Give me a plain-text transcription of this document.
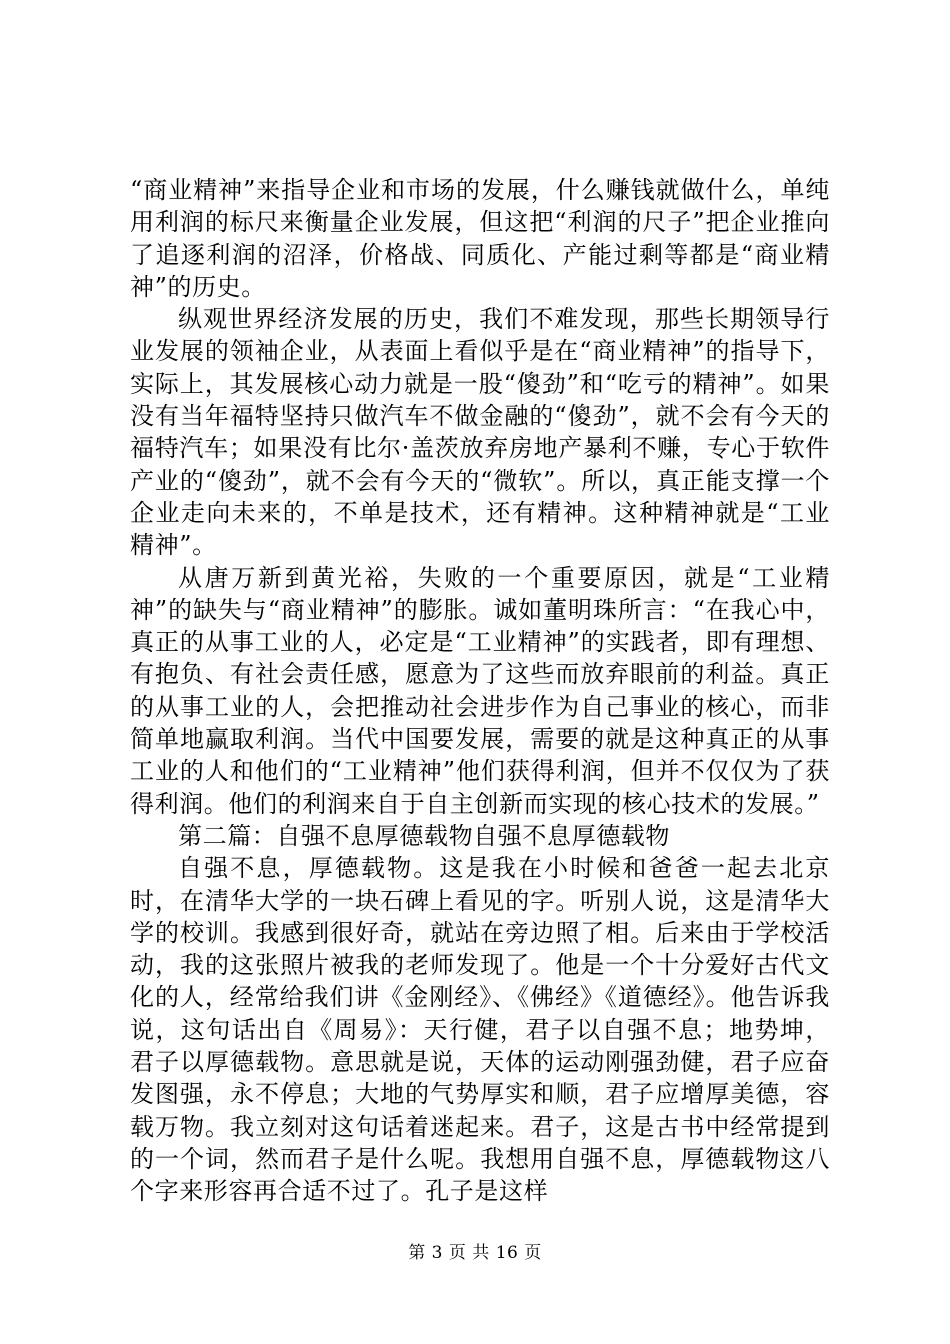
“商业精神”来指导企业和市场的发展，什么赚钱就做什么，单纯用利润的标尺来衡量企业发展，但这把“利润的尺子”把企业推向了追逐利润的沼泽，价格战、同质化、产能过剩等都是“商业精神”的历史。

纵观世界经济发展的历史，我们不难发现，那些长期领导行业发展的领袖企业，从表面上看似乎是在“商业精神”的指导下，实际上，其发展核心动力就是一股“傻劲”和“吃亏的精神”。如果没有当年福特坚持只做汽车不做金融的“傻劲”，就不会有今天的福特汽车；如果没有比尔·盖茨放弃房地产暴利不赚，专心于软件产业的“傻劲”，就不会有今天的“微软”。所以，真正能支撑一个企业走向未来的，不单是技术，还有精神。这种精神就是“工业精神”。

从唐万新到黄光裕，失败的一个重要原因，就是“工业精神”的缺失与“商业精神”的膨胀。诚如董明珠所言：“在我心中，真正的从事工业的人，必定是“工业精神”的实践者，即有理想、有抱负、有社会责任感，愿意为了这些而放弃眼前的利益。真正的从事工业的人，会把推动社会进步作为自己事业的核心，而非简单地赢取利润。当代中国要发展，需要的就是这种真正的从事工业的人和他们的“工业精神”他们获得利润，但并不仅仅为了获得利润。他们的利润来自于自主创新而实现的核心技术的发展。”

第二篇：自强不息厚德载物自强不息厚德载物

自强不息，厚德载物。这是我在小时候和爸爸一起去北京时，在清华大学的一块石碑上看见的字。听别人说，这是清华大学的校训。我感到很好奇，就站在旁边照了相。后来由于学校活动，我的这张照片被我的老师发现了。他是一个十分爱好古代文化的人，经常给我们讲《金刚经》、《佛经》《道德经》。他告诉我说，这句话出自《周易》：天行健，君子以自强不息；地势坤，君子以厚德载物。意思就是说，天体的运动刚强劲健，君子应奋发图强，永不停息；大地的气势厚实和顺，君子应增厚美德，容载万物。我立刻对这句话着迷起来。君子，这是古书中经常提到的一个词，然而君子是什么呢。我想用自强不息，厚德载物这八个字来形容再合适不过了。孔子是这样

第 3 页 共 16 页
